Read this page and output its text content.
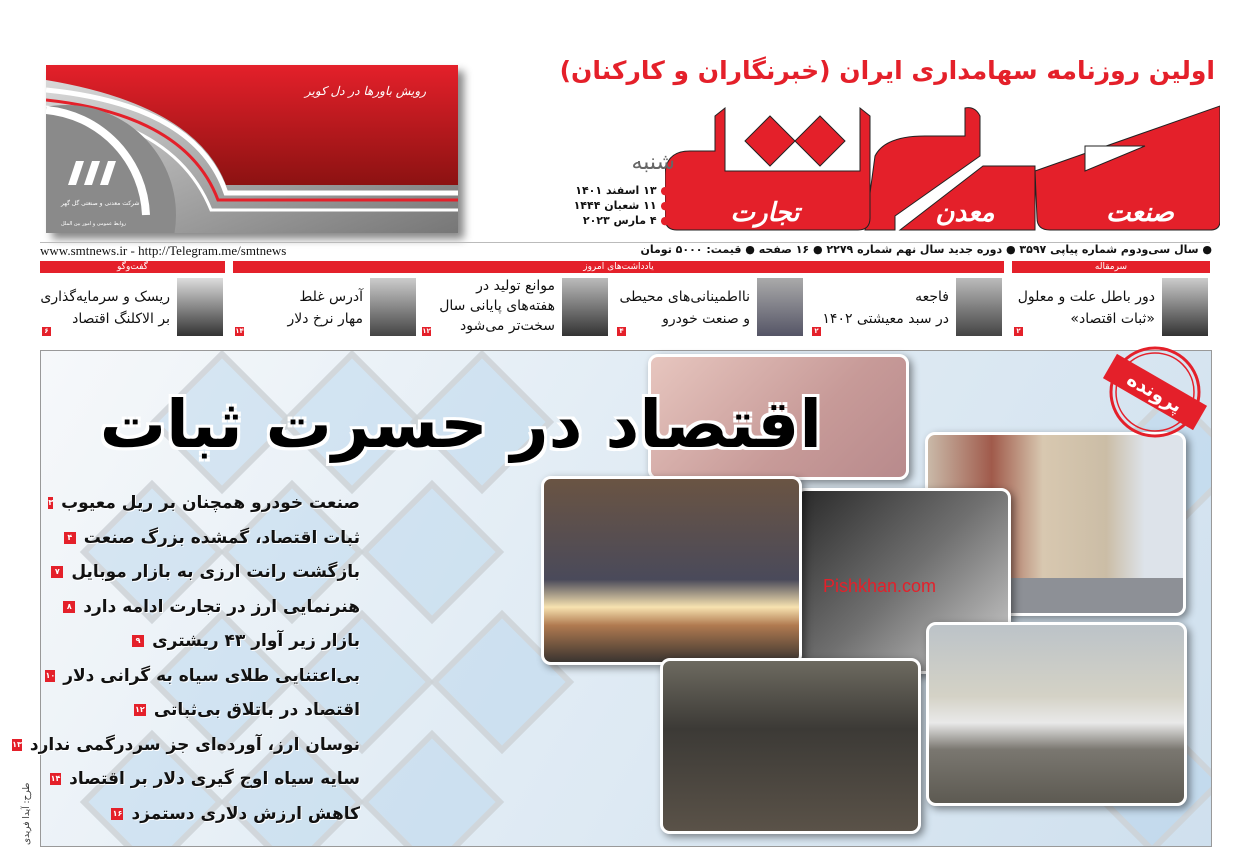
اولین روزنامه سهامداری ایران (خبرنگاران و کارکنان)
صنعت
معدن
تجارت
شنبه
● ۱۳ اسفند ۱۴۰۱
● ۱۱ شعبان ۱۴۴۴
● ۴ مارس ۲۰۲۳
رویش باورها در دل کویر
شرکت معدنی و صنعتی گل گهر
روابط عمومی و امور بین الملل
www.smtnews.ir - http://Telegram.me/smtnews	● سال سی‌ودوم شماره پیاپی ۳۵۹۷ ● دوره جدید سال نهم شماره ۲۲۷۹ ● ۱۶ صفحه ● قیمت: ۵۰۰۰ تومان
سرمقاله
یادداشت‌های امروز
گفت‌وگو
دور باطل علت و معلول
«ثبات اقتصاد»
۲
فاجعه
در سبد معیشتی ۱۴۰۲
۲
نااطمینانی‌های محیطی
و صنعت خودرو
۴
موانع تولید در
هفته‌های پایانی سال
سخت‌تر می‌شود
۱۲
آدرس غلط
مهار نرخ دلار
۱۴
ریسک و سرمایه‌گذاری
بر الاکلنگ اقتصاد
۶
Pishkhan.com
پرونده
اقتصاد در حسرت ثبات
صنعت خودرو همچنان بر ریل معیوب
۳
ثبات اقتصاد، گمشده بزرگ صنعت
۴
بازگشت رانت ارزی به بازار موبایل
۷
هنرنمایی ارز در تجارت ادامه دارد
۸
بازار زیر آوار ۴۳ ریشتری
۹
بی‌اعتنایی طلای سیاه به گرانی دلار
۱۰
اقتصاد در باتلاق بی‌ثباتی
۱۲
نوسان ارز، آورده‌ای جز سردرگمی ندارد
۱۳
سایه سیاه اوج گیری دلار بر اقتصاد
۱۴
کاهش ارزش دلاری دستمزد
۱۶
طرح: آیدا فریدی
